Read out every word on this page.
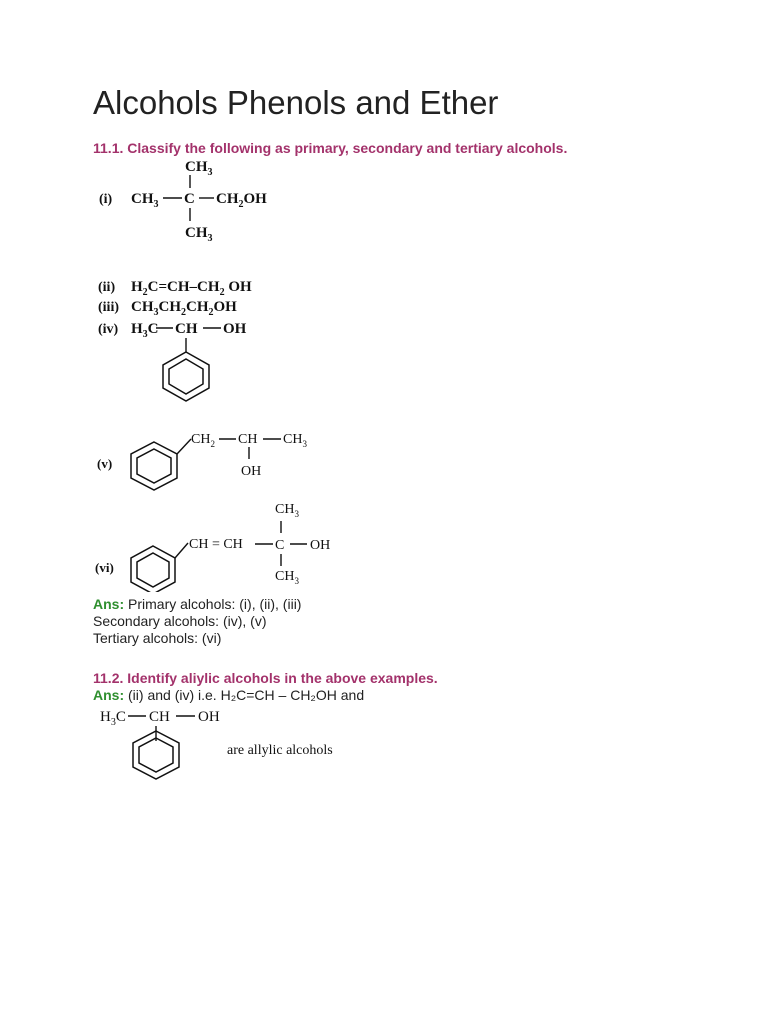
Alcohols Phenols and Ether
11.1. Classify the following as primary, secondary and tertiary alcohols.
(i)
$CH_3$
$CH_3$ C $CH_2OH$
$CH_3$
(ii) $H_2C=CH-CH_2$ OH
(iii) $CH_3CH_2CH_2OH$
(iv) $H_3C$ CH OH
(v)
$CH_2$ CH $CH_3$
OH
(vi)
CH = CH C OH
$CH_3$
$CH_3$
Ans: Primary alcohols: (i), (ii), (iii)
Secondary alcohols: (iv), (v)
Tertiary alcohols: (vi)
11.2. Identify aliylic alcohols in the above examples.
Ans: (ii) and (iv) i.e. H₂C=CH – CH₂OH and
$H_3C$ CH OH
are allylic alcohols
